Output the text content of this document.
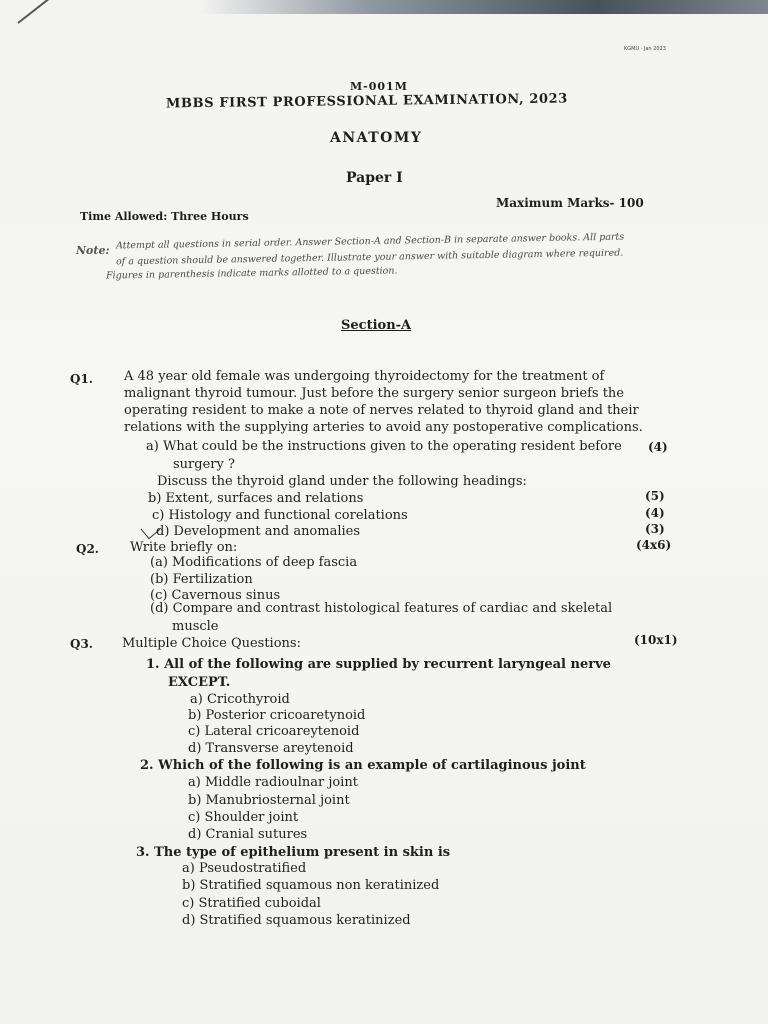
KGMU · Jan 2023
M-001M
MBBS FIRST PROFESSIONAL EXAMINATION, 2023
ANATOMY
Paper I
Maximum Marks- 100
Time Allowed: Three Hours
Note: Attempt all questions in serial order. Answer Section-A and Section-B in separate answer books. All parts
of a question should be answered together. Illustrate your answer with suitable diagram where required.
Figures in parenthesis indicate marks allotted to a question.
Section-A
Q1. A 48 year old female was undergoing thyroidectomy for the treatment of
malignant thyroid tumour. Just before the surgery senior surgeon briefs the
operating resident to make a note of nerves related to thyroid gland and their
relations with the supplying arteries to avoid any postoperative complications.
a) What could be the instructions given to the operating resident before
surgery ?
(4)
Discuss the thyroid gland under the following headings:
b) Extent, surfaces and relations	(5)
c) Histology and functional corelations	(4)
d) Development and anomalies	(3)
Q2. Write briefly on:	(4x6)
(a) Modifications of deep fascia
(b) Fertilization
(c) Cavernous sinus
(d) Compare and contrast histological features of cardiac and skeletal
muscle
Q3. Multiple Choice Questions:	(10x1)
1. All of the following are supplied by recurrent laryngeal nerve
EXCEPT.
a) Cricothyroid
b) Posterior cricoaretynoid
c) Lateral cricoareytenoid
d) Transverse areytenoid
2. Which of the following is an example of cartilaginous joint
a) Middle radioulnar joint
b) Manubriosternal joint
c) Shoulder joint
d) Cranial sutures
3. The type of epithelium present in skin is
a) Pseudostratified
b) Stratified squamous non keratinized
c) Stratified cuboidal
d) Stratified squamous keratinized
